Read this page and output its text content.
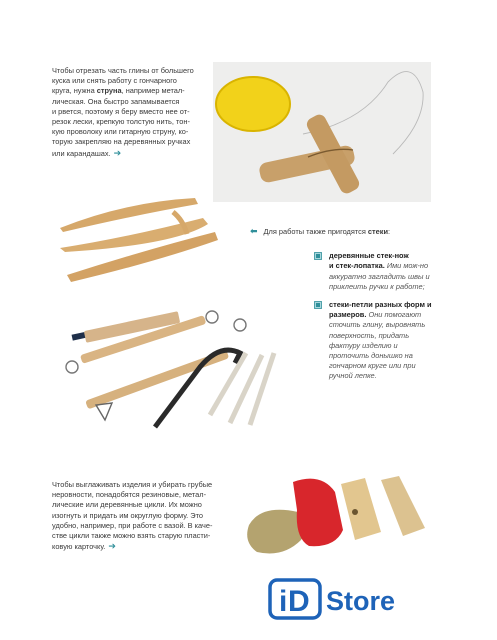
Чтобы отрезать часть глины от большего
куска или снять работу с гончарного
круга, нужна струна, например метал-
лическая. Она быстро запамывается
и рвется, поэтому я беру вместо нее от-
резок лески, крепкую толстую нить, тон-
кую проволоку или гитарную струну, ко-
торую закрепляю на деревянных ручках
или карандашах. ➔
⬅ Для работы также пригодятся стеки:
деревянные стек-нож
и стек-лопатка. Ими мож-но аккуратно загладить швы и приклеить ручки к работе;
стеки-петли разных форм и размеров. Они помогают сточить глину, выровнять поверхность, придать фактуру изделию и проточить донышко на гончарном круге или при ручной лепке.
Чтобы выглаживать изделия и убирать грубые
неровности, понадобятся резиновые, метал-
лические или деревянные цикли. Их можно
изогнуть и придать им округлую форму. Это
удобно, например, при работе с вазой. В каче-
стве цикли также можно взять старую пласти-
ковую карточку. ➔
i D Store
